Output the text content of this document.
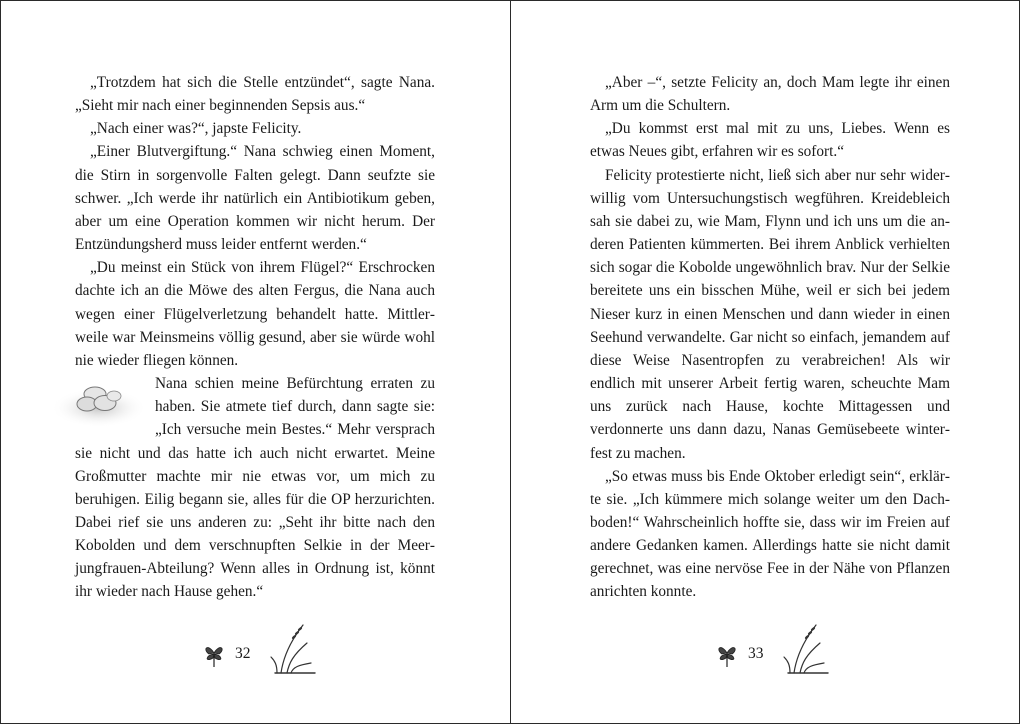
„Trotzdem hat sich die Stelle entzündet“, sagte Nana. „Sieht mir nach einer beginnenden Sepsis aus.“

„Nach einer was?“, japste Felicity.

„Einer Blutvergiftung.“ Nana schwieg einen Moment, die Stirn in sorgenvolle Falten gelegt. Dann seufzte sie schwer. „Ich werde ihr natürlich ein Antibiotikum geben, aber um eine Operation kommen wir nicht herum. Der Entzündungsherd muss leider entfernt werden.“

„Du meinst ein Stück von ihrem Flügel?“ Erschrocken dachte ich an die Möwe des alten Fergus, die Nana auch wegen einer Flügelverletzung behandelt hatte. Mittlerweile war Meinsmeins völlig gesund, aber sie würde wohl nie wieder fliegen können.

Nana schien meine Befürchtung erraten zu haben. Sie atmete tief durch, dann sagte sie: „Ich versuche mein Bestes.“ Mehr versprach sie nicht und das hatte ich auch nicht erwartet. Meine Großmutter machte mir nie etwas vor, um mich zu beruhigen. Eilig begann sie, alles für die OP herzurichten. Dabei rief sie uns anderen zu: „Seht ihr bitte nach den Kobolden und dem verschnupften Selkie in der Meerjungfrauen-Abteilung? Wenn alles in Ordnung ist, könnt ihr wieder nach Hause gehen.“

32

„Aber –“, setzte Felicity an, doch Mam legte ihr einen Arm um die Schultern.

„Du kommst erst mal mit zu uns, Liebes. Wenn es etwas Neues gibt, erfahren wir es sofort.“

Felicity protestierte nicht, ließ sich aber nur sehr widerwillig vom Untersuchungstisch wegführen. Kreidebleich sah sie dabei zu, wie Mam, Flynn und ich uns um die anderen Patienten kümmerten. Bei ihrem Anblick verhielten sich sogar die Kobolde ungewöhnlich brav. Nur der Selkie bereitete uns ein bisschen Mühe, weil er sich bei jedem Nieser kurz in einen Menschen und dann wieder in einen Seehund verwandelte. Gar nicht so einfach, jemandem auf diese Weise Nasentropfen zu verabreichen! Als wir endlich mit unserer Arbeit fertig waren, scheuchte Mam uns zurück nach Hause, kochte Mittagessen und verdonnerte uns dann dazu, Nanas Gemüsebeete winterfest zu machen.

„So etwas muss bis Ende Oktober erledigt sein“, erklärte sie. „Ich kümmere mich solange weiter um den Dachboden!“ Wahrscheinlich hoffte sie, dass wir im Freien auf andere Gedanken kamen. Allerdings hatte sie nicht damit gerechnet, was eine nervöse Fee in der Nähe von Pflanzen anrichten konnte.

33
